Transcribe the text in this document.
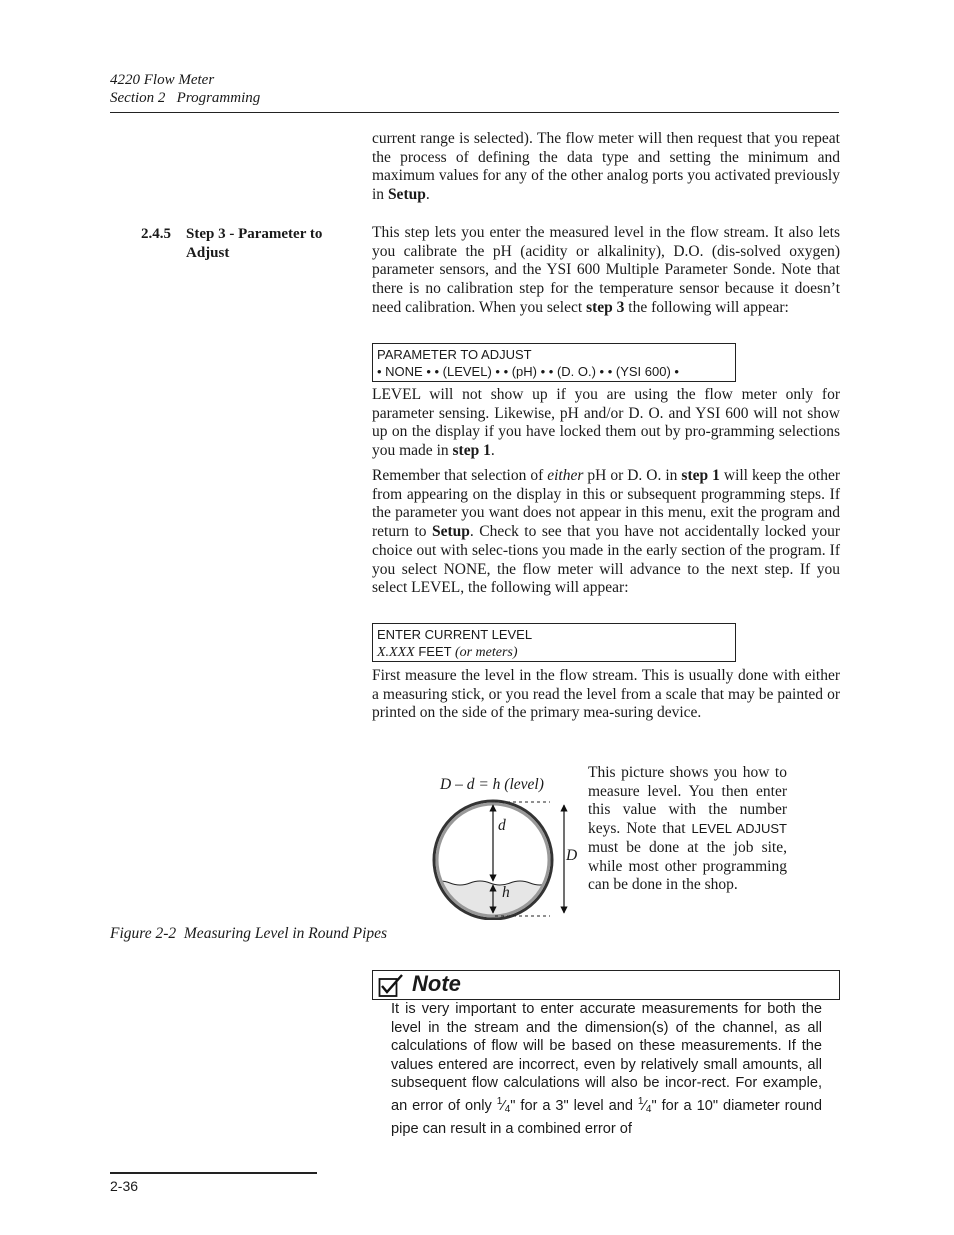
4220 Flow Meter
Section 2   Programming
current range is selected). The flow meter will then request that you repeat the process of defining the data type and setting the minimum and maximum values for any of the other analog ports you activated previously in Setup.
2.4.5 Step 3 - Parameter to Adjust
This step lets you enter the measured level in the flow stream. It also lets you calibrate the pH (acidity or alkalinity), D.O. (dis-solved oxygen) parameter sensors, and the YSI 600 Multiple Parameter Sonde. Note that there is no calibration step for the temperature sensor because it doesn’t need calibration. When you select step 3 the following will appear:
PARAMETER TO ADJUST
• NONE • • (LEVEL) • • (pH) • • (D. O.) • • (YSI 600) •
LEVEL will not show up if you are using the flow meter only for parameter sensing. Likewise, pH and/or D. O. and YSI 600 will not show up on the display if you have locked them out by pro-gramming selections you made in step 1.
Remember that selection of either pH or D. O. in step 1 will keep the other from appearing on the display in this or subsequent programming steps. If the parameter you want does not appear in this menu, exit the program and return to Setup. Check to see that you have not accidentally locked your choice out with selec-tions you made in the early section of the program. If you select NONE, the flow meter will advance to the next step. If you select LEVEL, the following will appear:
ENTER CURRENT LEVEL
X.XXX FEET (or meters)
First measure the level in the flow stream. This is usually done with either a measuring stick, or you read the level from a scale that may be painted or printed on the side of the primary mea-suring device.
D – d = h (level)
d
D
h
This picture shows you how to measure level. You then enter this value with the number keys. Note that LEVEL ADJUST must be done at the job site, while most other programming can be done in the shop.
Figure 2-2  Measuring Level in Round Pipes
Note
It is very important to enter accurate measurements for both the level in the stream and the dimension(s) of the channel, as all calculations of flow will be based on these measurements. If the values entered are incorrect, even by relatively small amounts, all subsequent flow calculations will also be incor-rect. For example, an error of only $^1⁄_4$" for a 3" level and $^1⁄_4$" for a 10" diameter round pipe can result in a combined error of
2-36
